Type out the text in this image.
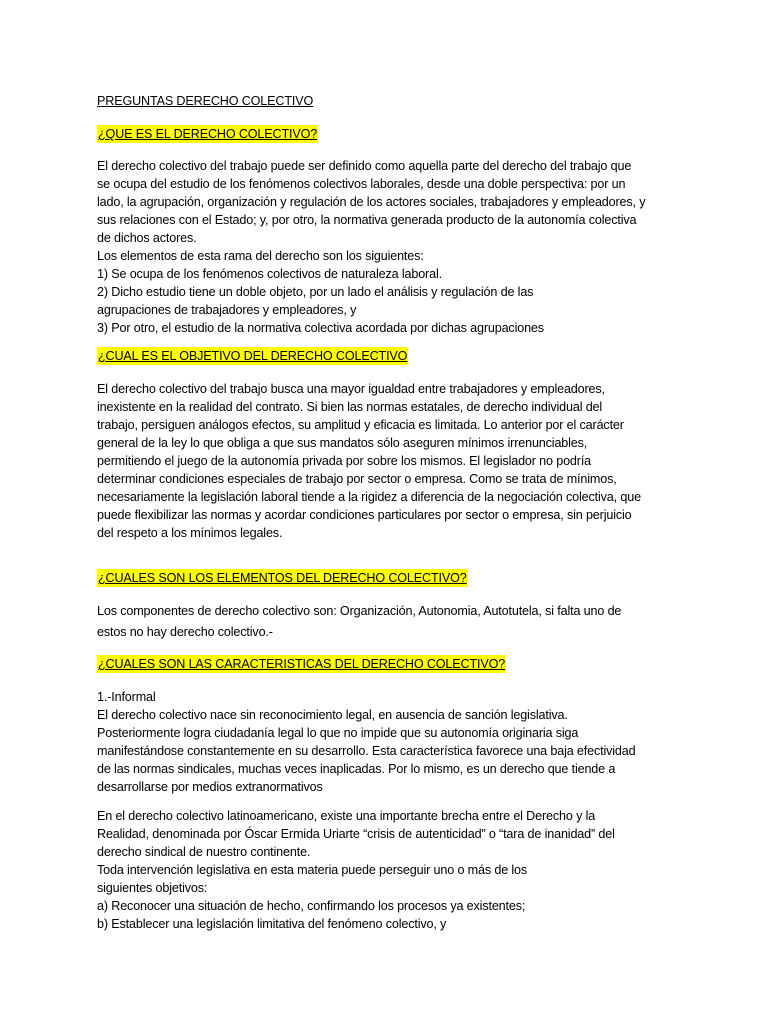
PREGUNTAS DERECHO COLECTIVO
¿QUE ES EL DERECHO COLECTIVO?
El derecho colectivo del trabajo puede ser definido como aquella parte del derecho del trabajo que
se ocupa del estudio de los fenómenos colectivos laborales, desde una doble perspectiva: por un
lado, la agrupación, organización y regulación de los actores sociales, trabajadores y empleadores, y
sus relaciones con el Estado; y, por otro, la normativa generada producto de la autonomía colectiva
de dichos actores.
Los elementos de esta rama del derecho son los siguientes:
1) Se ocupa de los fenómenos colectivos de naturaleza laboral.
2) Dicho estudio tiene un doble objeto, por un lado el análisis y regulación de las
agrupaciones de trabajadores y empleadores, y
3) Por otro, el estudio de la normativa colectiva acordada por dichas agrupaciones
¿CUAL ES EL OBJETIVO DEL DERECHO COLECTIVO
El derecho colectivo del trabajo busca una mayor igualdad entre trabajadores y empleadores,
inexistente en la realidad del contrato. Si bien las normas estatales, de derecho individual del
trabajo, persiguen análogos efectos, su amplitud y eficacia es limitada. Lo anterior por el carácter
general de la ley lo que obliga a que sus mandatos sólo aseguren mínimos irrenunciables,
permitiendo el juego de la autonomía privada por sobre los mismos. El legislador no podría
determinar condiciones especiales de trabajo por sector o empresa. Como se trata de mínimos,
necesariamente la legislación laboral tiende a la rigidez a diferencia de la negociación colectiva, que
puede flexibilizar las normas y acordar condiciones particulares por sector o empresa, sin perjuicio
del respeto a los mínimos legales.
¿CUALES SON LOS ELEMENTOS DEL DERECHO COLECTIVO?
Los componentes de derecho colectivo son: Organización, Autonomia, Autotutela, si falta uno de
estos no hay derecho colectivo.-
¿CUALES SON LAS CARACTERISTICAS DEL DERECHO COLECTIVO?
1.-Informal
El derecho colectivo nace sin reconocimiento legal, en ausencia de sanción legislativa.
Posteriormente logra ciudadanía legal lo que no impide que su autonomía originaria siga
manifestándose constantemente en su desarrollo. Esta característica favorece una baja efectividad
de las normas sindicales, muchas veces inaplicadas. Por lo mismo, es un derecho que tiende a
desarrollarse por medios extranormativos
En el derecho colectivo latinoamericano, existe una importante brecha entre el Derecho y la
Realidad, denominada por Óscar Ermida Uriarte “crisis de autenticidad” o “tara de inanidad” del
derecho sindical de nuestro continente.
Toda intervención legislativa en esta materia puede perseguir uno o más de los
siguientes objetivos:
a) Reconocer una situación de hecho, confirmando los procesos ya existentes;
b) Establecer una legislación limitativa del fenómeno colectivo, y
